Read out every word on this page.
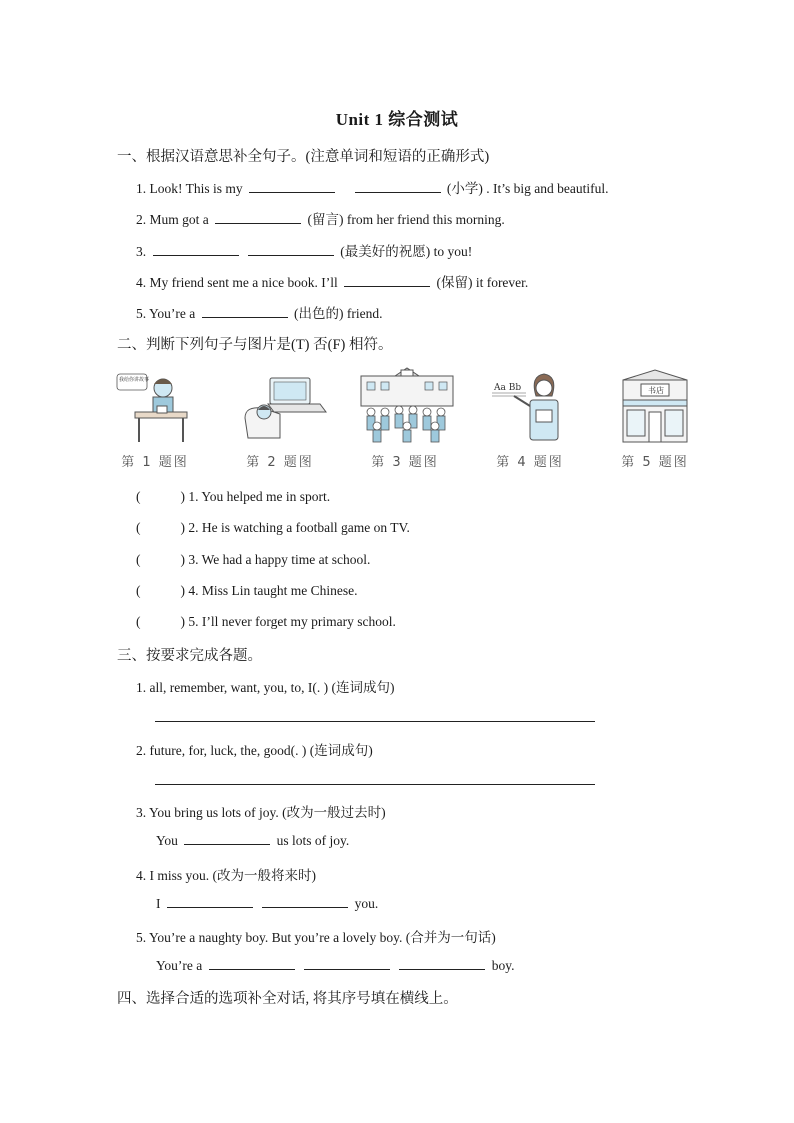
Unit 1 综合测试
一、根据汉语意思补全句子。(注意单词和短语的正确形式)
1. Look! This is my	(小学) . It’s big and beautiful.
2. Mum got a	(留言) from her friend this morning.
3.	(最美好的祝愿) to you!
4. My friend sent me a nice book. I’ll	(保留) it forever.
5. You’re a	(出色的) friend.
二、判断下列句子与图片是(T) 否(F) 相符。
我给你讲故事
第 1 题图	第 2 题图	第 3 题图
Aa Bb
第 4 题图
书店
第 5 题图
(	) 1. You helped me in sport.
(	) 2. He is watching a football game on TV.
(	) 3. We had a happy time at school.
(	) 4. Miss Lin taught me Chinese.
(	) 5. I’ll never forget my primary school.
三、按要求完成各题。
1. all, remember, want, you, to, I(. ) (连词成句)
2. future, for, luck, the, good(. ) (连词成句)
3. You bring us lots of joy. (改为一般过去时)
You	us lots of joy.
4. I miss you. (改为一般将来时)
I	you.
5. You’re a naughty boy. But you’re a lovely boy. (合并为一句话)
You’re a	boy.
四、选择合适的选项补全对话, 将其序号填在横线上。
